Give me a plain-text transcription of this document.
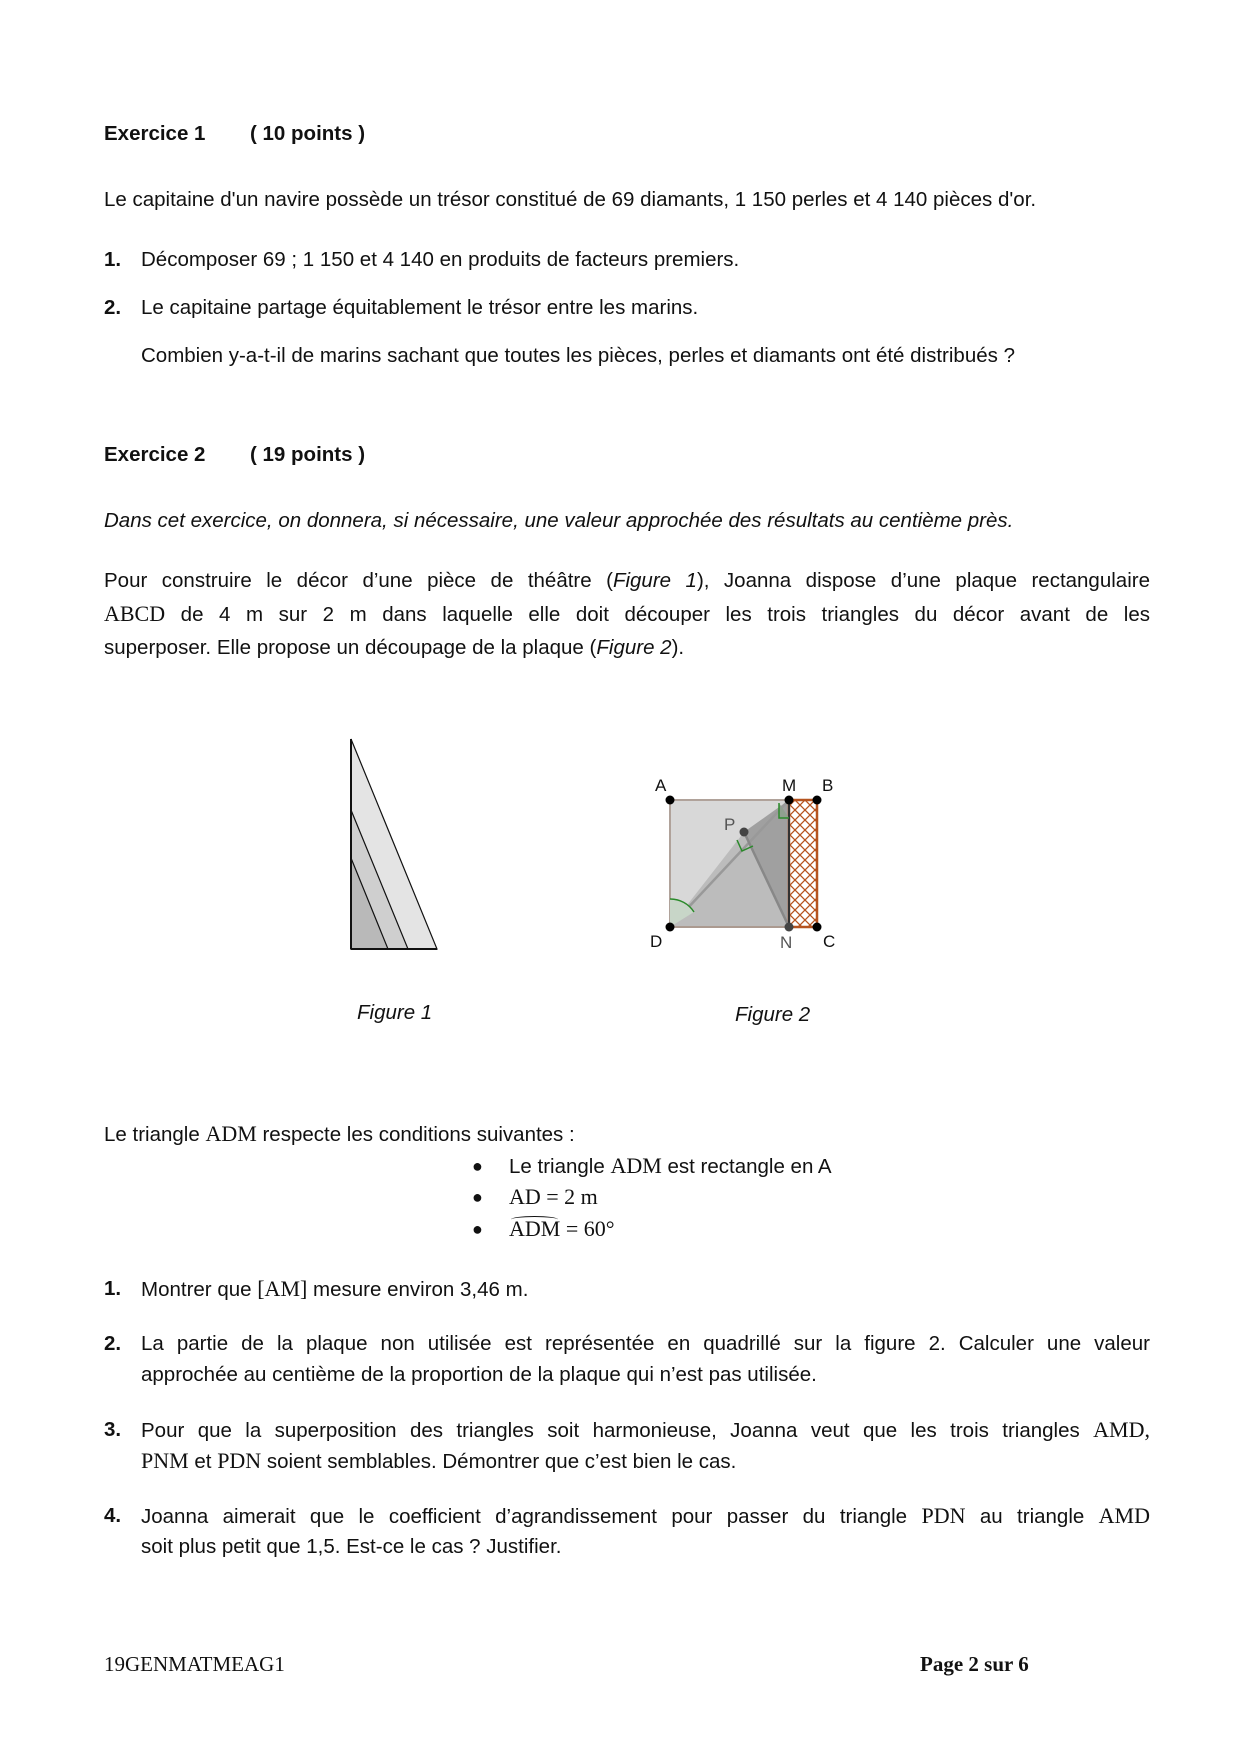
Exercice 1 ( 10 points )
Le capitaine d'un navire possède un trésor constitué de 69 diamants, 1 150 perles et 4 140 pièces d'or.
1. Décomposer 69 ; 1 150 et 4 140 en produits de facteurs premiers.
2. Le capitaine partage équitablement le trésor entre les marins.
Combien y-a-t-il de marins sachant que toutes les pièces, perles et diamants ont été distribués ?
Exercice 2 ( 19 points )
Dans cet exercice, on donnera, si nécessaire, une valeur approchée des résultats au centième près.
Pour construire le décor d’une pièce de théâtre (Figure 1), Joanna dispose d’une plaque rectangulaire
ABCD de 4 m sur 2 m dans laquelle elle doit découper les trois triangles du décor avant de les
superposer. Elle propose un découpage de la plaque (Figure 2).
Figure 1
A	B
C
D
M
N
P
Figure 2
Le triangle ADM respecte les conditions suivantes :
● Le triangle ADM est rectangle en A
● AD = 2 m
● ADM = 60°
1. Montrer que [AM] mesure environ 3,46 m.
2. La partie de la plaque non utilisée est représentée en quadrillé sur la figure 2. Calculer une valeur
approchée au centième de la proportion de la plaque qui n’est pas utilisée.
3. Pour que la superposition des triangles soit harmonieuse, Joanna veut que les trois triangles AMD,
PNM et PDN soient semblables. Démontrer que c’est bien le cas.
4. Joanna aimerait que le coefficient d’agrandissement pour passer du triangle PDN au triangle AMD
soit plus petit que 1,5. Est-ce le cas ? Justifier.
19GENMATMEAG1	Page 2 sur 6
